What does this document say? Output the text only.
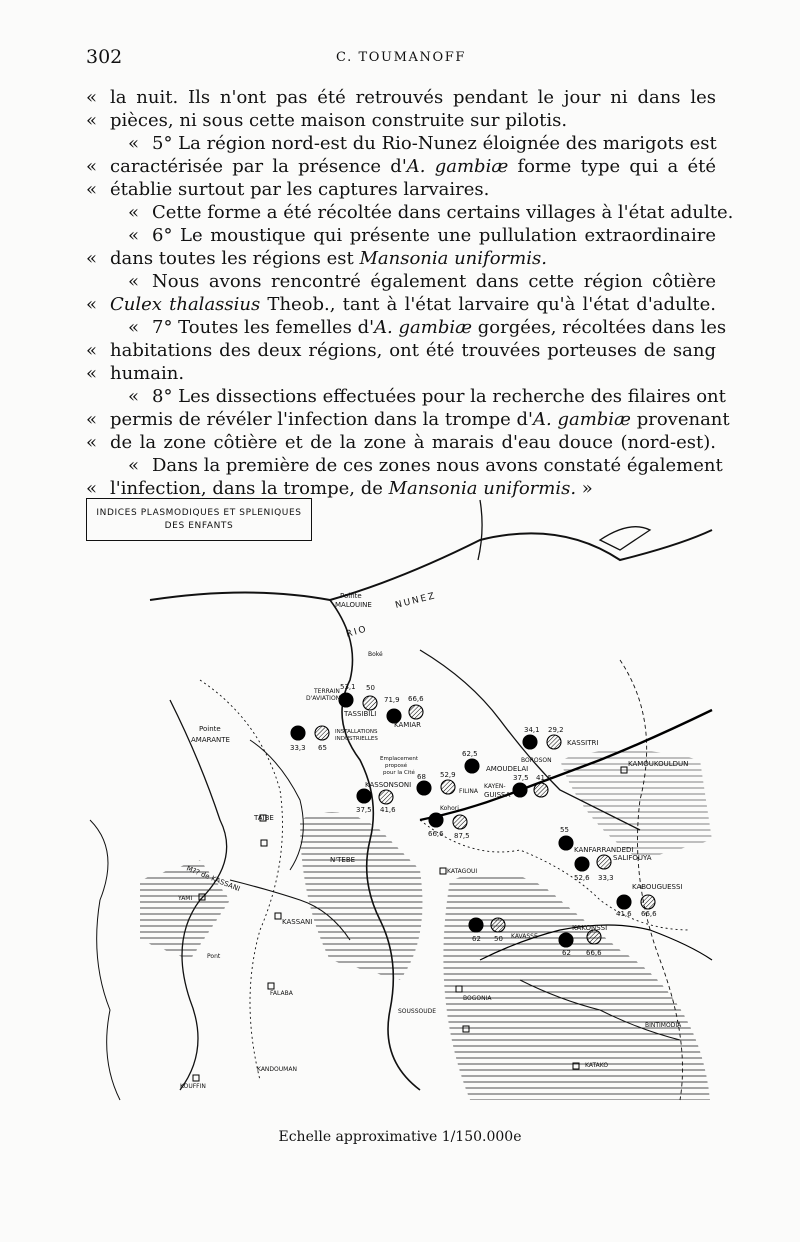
302	C. TOUMANOFF
« la nuit. Ils n'ont pas été retrouvés pendant le jour ni dans les
« pièces, ni sous cette maison construite sur pilotis.
« 5° La région nord-est du Rio-Nunez éloignée des marigots est
« caractérisée par la présence d'A. gambiæ forme type qui a été
« établie surtout par les captures larvaires.
« Cette forme a été récoltée dans certains villages à l'état adulte.
« 6° Le moustique qui présente une pullulation extraordinaire
« dans toutes les régions est Mansonia uniformis.
« Nous avons rencontré également dans cette région côtière
« Culex thalassius Theob., tant à l'état larvaire qu'à l'état d'adulte.
« 7° Toutes les femelles d'A. gambiæ gorgées, récoltées dans les
« habitations des deux régions, ont été trouvées porteuses de sang
« humain.
« 8° Les dissections effectuées pour la recherche des filaires ont
« permis de révéler l'infection dans la trompe d'A. gambiæ provenant
« de la zone côtière et de la zone à marais d'eau douce (nord-est).
« Dans la première de ces zones nous avons constaté également
« l'infection, dans la trompe, de Mansonia uniformis. »
INDICES PLASMODIQUES ET SPLENIQUES
DES ENFANTS
Pointe
MALOUINE NUNEZ
RIO
Pointe
AMARANTE
TERRAIN
D'AVIATION
TASSIBILI
Boké
KAMIAR
INSTALLATIONS
INDUSTRIELLES
Emplacement
proposé
pour la Cité
KASSONSONI
KASSITRI
BOROSON
AMOUDELAI
KAYEN-
GUISSA
KAMOUKOULDUN
FILINA
Kohori
KANFARRANDEDI
SALIFOUYA
KABOUGUESSI
KASSANI
M?? de KASSANI
TAIBE
N'TEBE
KATAGOUI
KAVASSE
KAKONSSI
YAMI
Pont
FALABA
SOUSSOUDE
BOGONIA
BINTIMODIA
KOUFFIN
KANDOUMAN
KATAKO
53,1 50
71,9 66,6
33,3 65
62,5
52,9
68
34,1 29,2
37,5 41,6
37,5 41,6
66,6 87,5
55
52,6 33,3
41,6 66,6
62 50
62 66,6
Echelle approximative 1/150.000e
